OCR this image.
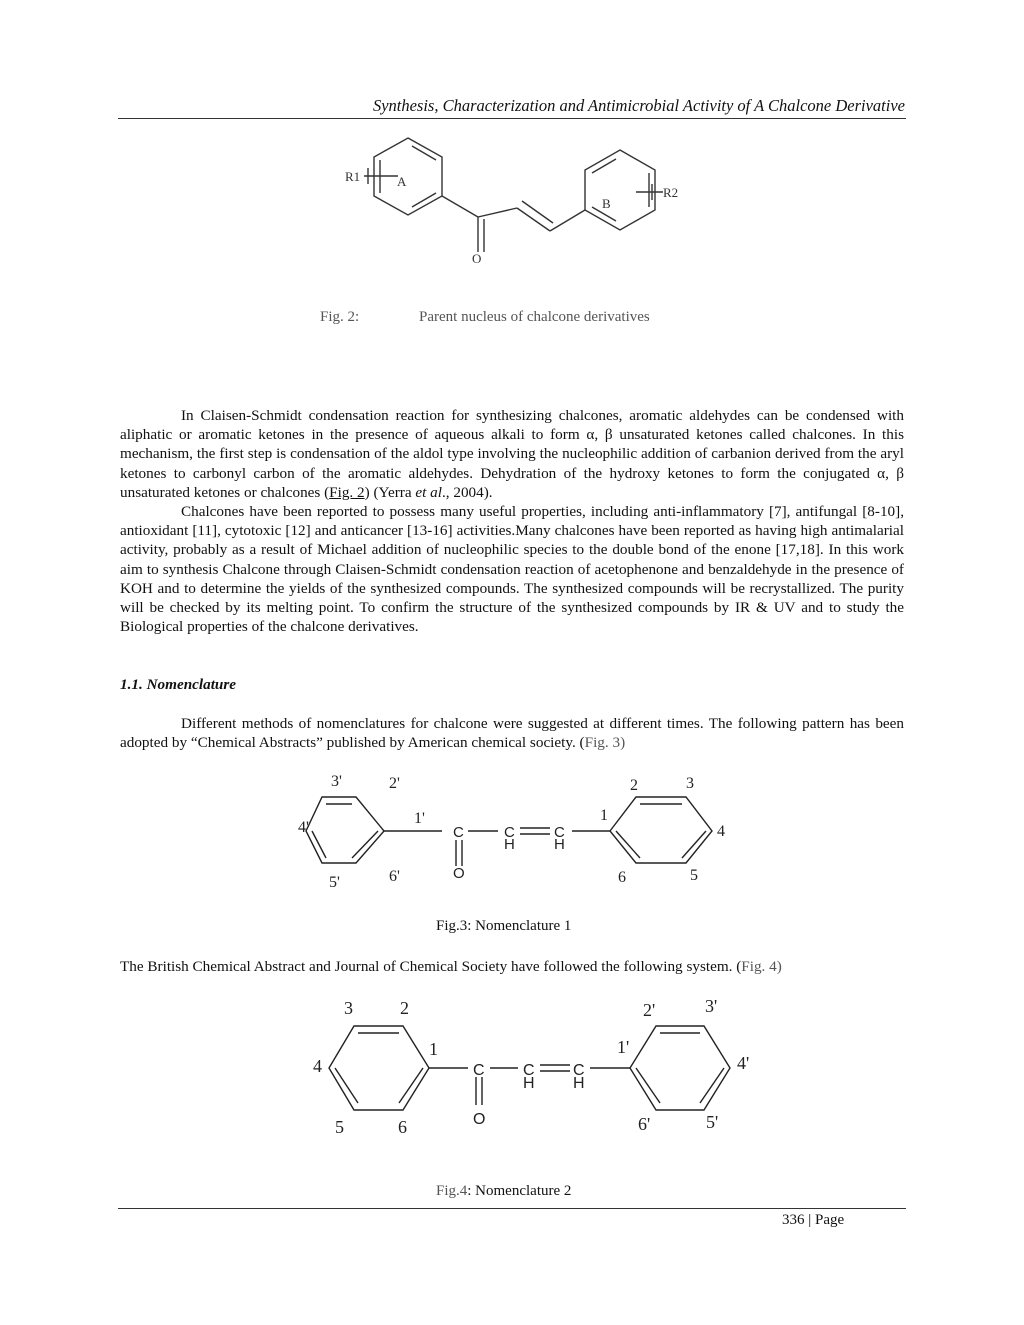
Synthesis, Characterization and Antimicrobial Activity of A Chalcone Derivative
R1	A
B
R2
O
Fig. 2:	Parent nucleus of chalcone derivatives

In Claisen-Schmidt condensation reaction for synthesizing chalcones, aromatic aldehydes can be condensed with aliphatic or aromatic ketones in the presence of aqueous alkali to form α, β unsaturated ketones called chalcones. In this mechanism, the first step is condensation of the aldol type involving the nucleophilic addition of carbanion derived from the aryl ketones to carbonyl carbon of the aromatic aldehydes. Dehydration of the hydroxy ketones to form the conjugated α, β unsaturated ketones or chalcones (Fig. 2) (Yerra et al., 2004).

Chalcones have been reported to possess many useful properties, including anti-inflammatory [7], antifungal [8-10], antioxidant [11], cytotoxic [12] and anticancer [13-16] activities.Many chalcones have been reported as having high antimalarial activity, probably as a result of Michael addition of nucleophilic species to the double bond of the enone [17,18]. In this work aim to synthesis Chalcone through Claisen-Schmidt condensation reaction of acetophenone and benzaldehyde in the presence of KOH and to determine the yields of the synthesized compounds. The synthesized compounds will be recrystallized. The purity will be checked by its melting point. To confirm the structure of the synthesized compounds by IR & UV and to study the Biological properties of the chalcone derivatives.

1.1. Nomenclature

Different methods of nomenclatures for chalcone were suggested at different times. The following pattern has been adopted by “Chemical Abstracts” published by American chemical society. (Fig. 3)

3'	2'
4'
1'
5'	6'
2	3
1
4
6	5
C	C	C
H	H
O
Fig.3: Nomenclature 1

The British Chemical Abstract and Journal of Chemical Society have followed the following system. (Fig. 4)

3	2
1
4
5	6
2'	3'
1'
4'
6'	5'
C C C
H H
O
Fig.4: Nomenclature 2
336 | Page
